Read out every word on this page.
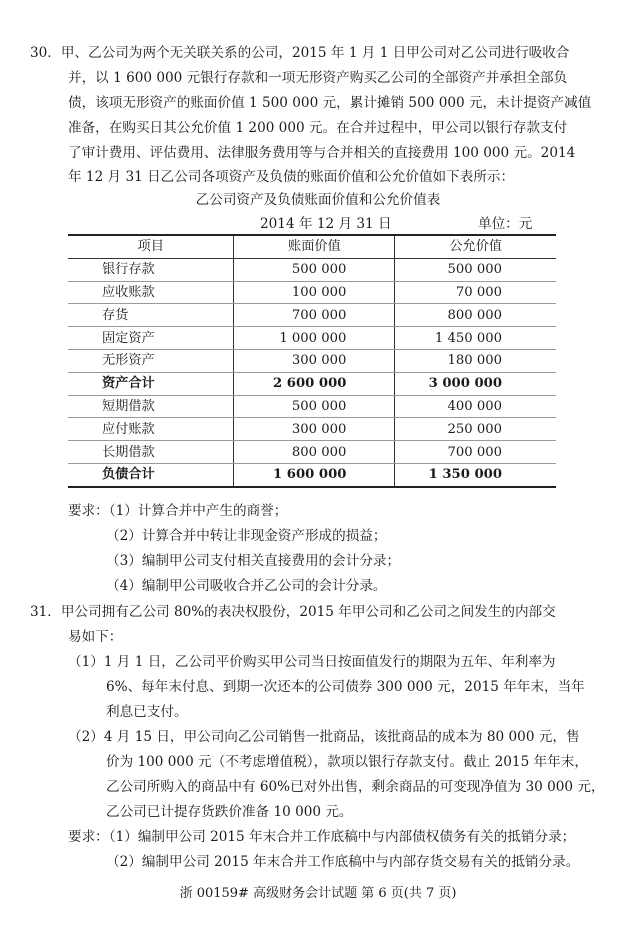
30．甲、乙公司为两个无关联关系的公司，2015 年 1 月 1 日甲公司对乙公司进行吸收合
并，以 1 600 000 元银行存款和一项无形资产购买乙公司的全部资产并承担全部负
债，该项无形资产的账面价值 1 500 000 元，累计摊销 500 000 元，未计提资产减值
准备，在购买日其公允价值 1 200 000 元。在合并过程中，甲公司以银行存款支付
了审计费用、评估费用、法律服务费用等与合并相关的直接费用 100 000 元。2014
年 12 月 31 日乙公司各项资产及负债的账面价值和公允价值如下表所示：
乙公司资产及负债账面价值和公允价值表
2014 年 12 月 31 日	单位：元
项目	账面价值	公允价值
银行存款	500 000	500 000
应收账款	100 000	70 000
存货	700 000	800 000
固定资产	1 000 000	1 450 000
无形资产	300 000	180 000
资产合计	2 600 000	3 000 000
短期借款	500 000	400 000
应付账款	300 000	250 000
长期借款	800 000	700 000
负债合计	1 600 000	1 350 000
要求：（1）计算合并中产生的商誉；
（2）计算合并中转让非现金资产形成的损益；
（3）编制甲公司支付相关直接费用的会计分录；
（4）编制甲公司吸收合并乙公司的会计分录。
31．甲公司拥有乙公司 80%的表决权股份，2015 年甲公司和乙公司之间发生的内部交
易如下：
（1）1 月 1 日，乙公司平价购买甲公司当日按面值发行的期限为五年、年利率为
6%、每年末付息、到期一次还本的公司债券 300 000 元，2015 年年末，当年
利息已支付。
（2）4 月 15 日，甲公司向乙公司销售一批商品，该批商品的成本为 80 000 元，售
价为 100 000 元（不考虑增值税），款项以银行存款支付。截止 2015 年年末，
乙公司所购入的商品中有 60%已对外出售，剩余商品的可变现净值为 30 000 元，
乙公司已计提存货跌价准备 10 000 元。
要求：（1）编制甲公司 2015 年末合并工作底稿中与内部债权债务有关的抵销分录；
（2）编制甲公司 2015 年末合并工作底稿中与内部存货交易有关的抵销分录。
浙 00159# 高级财务会计试题 第 6 页(共 7 页)
